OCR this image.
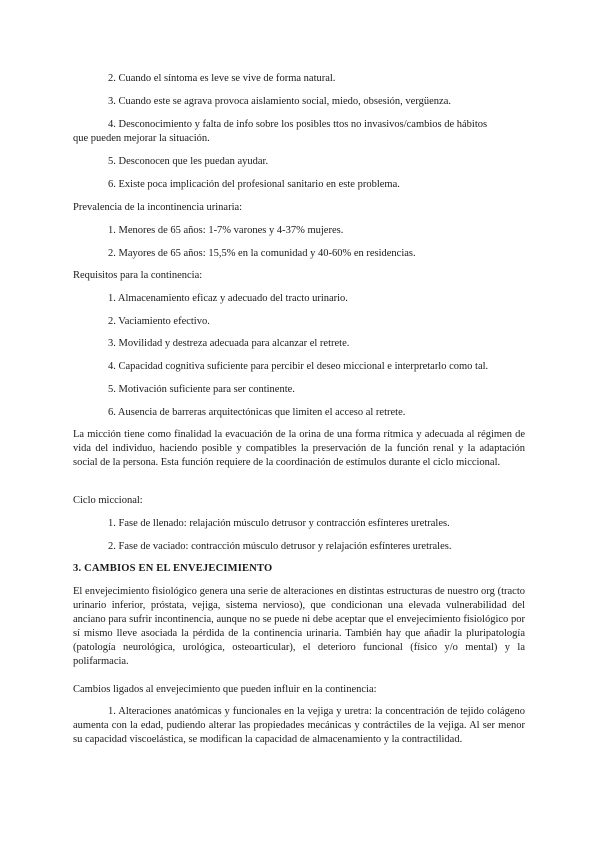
2. Cuando el síntoma es leve se vive de forma natural.
3. Cuando este se agrava provoca aislamiento social, miedo, obsesión, vergüenza.
4. Desconocimiento y falta de info sobre los posibles ttos no invasivos/cambios de hábitos
que pueden mejorar la situación.
5. Desconocen que les puedan ayudar.
6. Existe poca implicación del profesional sanitario en este problema.
Prevalencia de la incontinencia urinaria:
1. Menores de 65 años: 1-7% varones y 4-37% mujeres.
2. Mayores de 65 años: 15,5% en la comunidad y 40-60% en residencias.
Requisitos para la continencia:
1. Almacenamiento eficaz y adecuado del tracto urinario.
2. Vaciamiento efectivo.
3. Movilidad y destreza adecuada para alcanzar el retrete.
4. Capacidad cognitiva suficiente para percibir el deseo miccional e interpretarlo como tal.
5. Motivación suficiente para ser continente.
6. Ausencia de barreras arquitectónicas que limiten el acceso al retrete.
La micción tiene como finalidad la evacuación de la orina de una forma rítmica y adecuada al régimen de vida del individuo, haciendo posible y compatibles la preservación de la función renal y la adaptación social de la persona. Esta función requiere de la coordinación de estímulos durante el ciclo miccional.
Ciclo miccional:
1. Fase de llenado: relajación músculo detrusor y contracción esfínteres uretrales.
2. Fase de vaciado: contracción músculo detrusor y relajación esfínteres uretrales.
3. CAMBIOS EN EL ENVEJECIMIENTO
El envejecimiento fisiológico genera una serie de alteraciones en distintas estructuras de nuestro org (tracto urinario inferior, próstata, vejiga, sistema nervioso), que condicionan una elevada vulnerabilidad del anciano para sufrir incontinencia, aunque no se puede ni debe aceptar que el envejecimiento fisiológico por sí mismo lleve asociada la pérdida de la continencia urinaria. También hay que añadir la pluripatología (patología neurológica, urológica, osteoarticular), el deterioro funcional (físico y/o mental) y la polifarmacia.
Cambios ligados al envejecimiento que pueden influir en la continencia:
1. Alteraciones anatómicas y funcionales en la vejiga y uretra: la concentración de tejido colágeno aumenta con la edad, pudiendo alterar las propiedades mecánicas y contráctiles de la vejiga. Al ser menor su capacidad viscoelástica, se modifican la capacidad de almacenamiento y la contractilidad.
